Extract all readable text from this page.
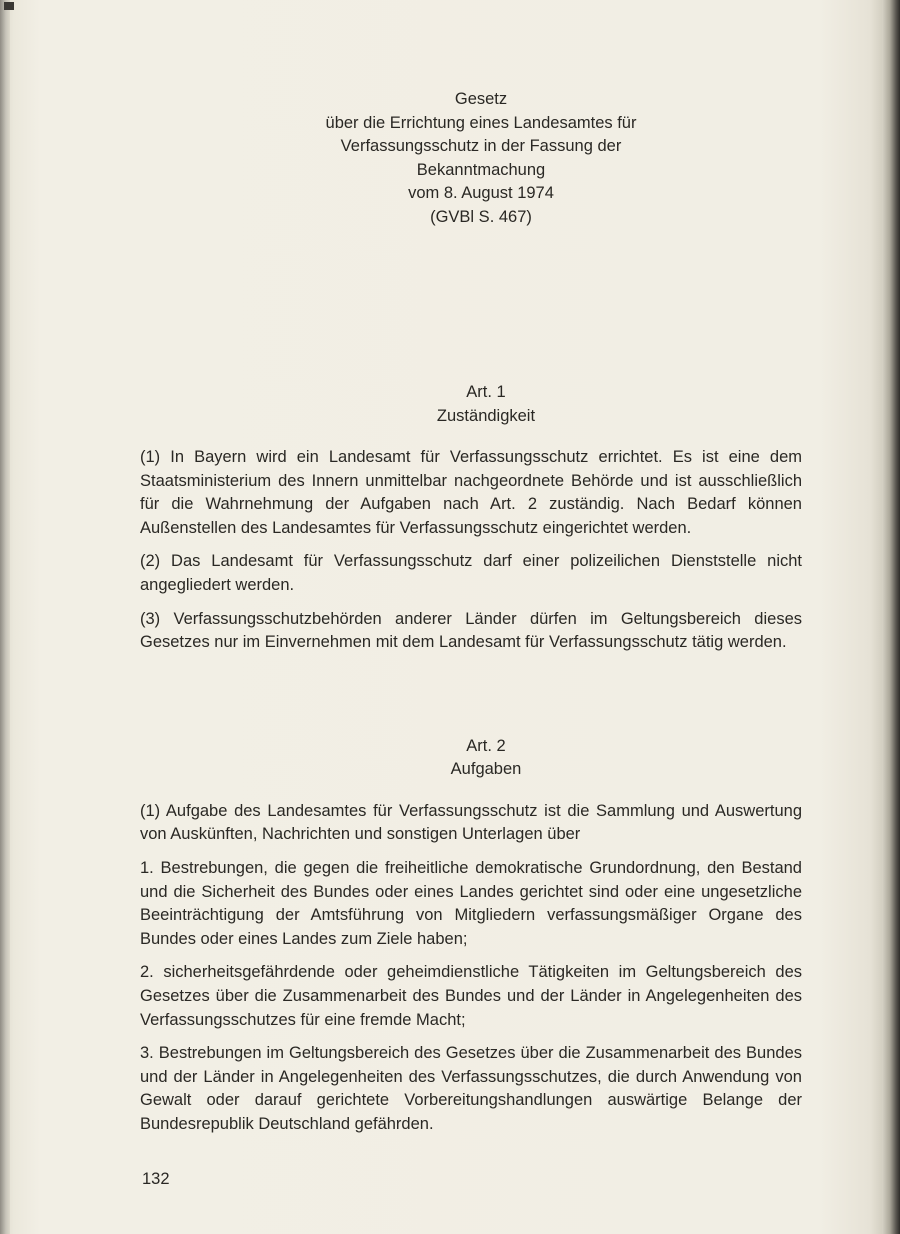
Gesetz
über die Errichtung eines Landesamtes für
Verfassungsschutz in der Fassung der
Bekanntmachung
vom 8. August 1974
(GVBl S. 467)
Art. 1
Zuständigkeit

(1) In Bayern wird ein Landesamt für Verfassungsschutz errichtet. Es ist eine dem Staatsministerium des Innern unmittelbar nachgeordnete Behörde und ist ausschließlich für die Wahrnehmung der Aufgaben nach Art. 2 zuständig. Nach Bedarf können Außenstellen des Landesamtes für Verfassungsschutz eingerichtet werden.

(2) Das Landesamt für Verfassungsschutz darf einer polizeilichen Dienststelle nicht angegliedert werden.

(3) Verfassungsschutzbehörden anderer Länder dürfen im Geltungsbereich dieses Gesetzes nur im Einvernehmen mit dem Landesamt für Verfassungsschutz tätig werden.

Art. 2
Aufgaben

(1) Aufgabe des Landesamtes für Verfassungsschutz ist die Sammlung und Auswertung von Auskünften, Nachrichten und sonstigen Unterlagen über

1. Bestrebungen, die gegen die freiheitliche demokratische Grundordnung, den Bestand und die Sicherheit des Bundes oder eines Landes gerichtet sind oder eine ungesetzliche Beeinträchtigung der Amtsführung von Mitgliedern verfassungsmäßiger Organe des Bundes oder eines Landes zum Ziele haben;

2. sicherheitsgefährdende oder geheimdienstliche Tätigkeiten im Geltungsbereich des Gesetzes über die Zusammenarbeit des Bundes und der Länder in Angelegenheiten des Verfassungsschutzes für eine fremde Macht;

3. Bestrebungen im Geltungsbereich des Gesetzes über die Zusammenarbeit des Bundes und der Länder in Angelegenheiten des Verfassungsschutzes, die durch Anwendung von Gewalt oder darauf gerichtete Vorbereitungshandlungen auswärtige Belange der Bundesrepublik Deutschland gefährden.

132
